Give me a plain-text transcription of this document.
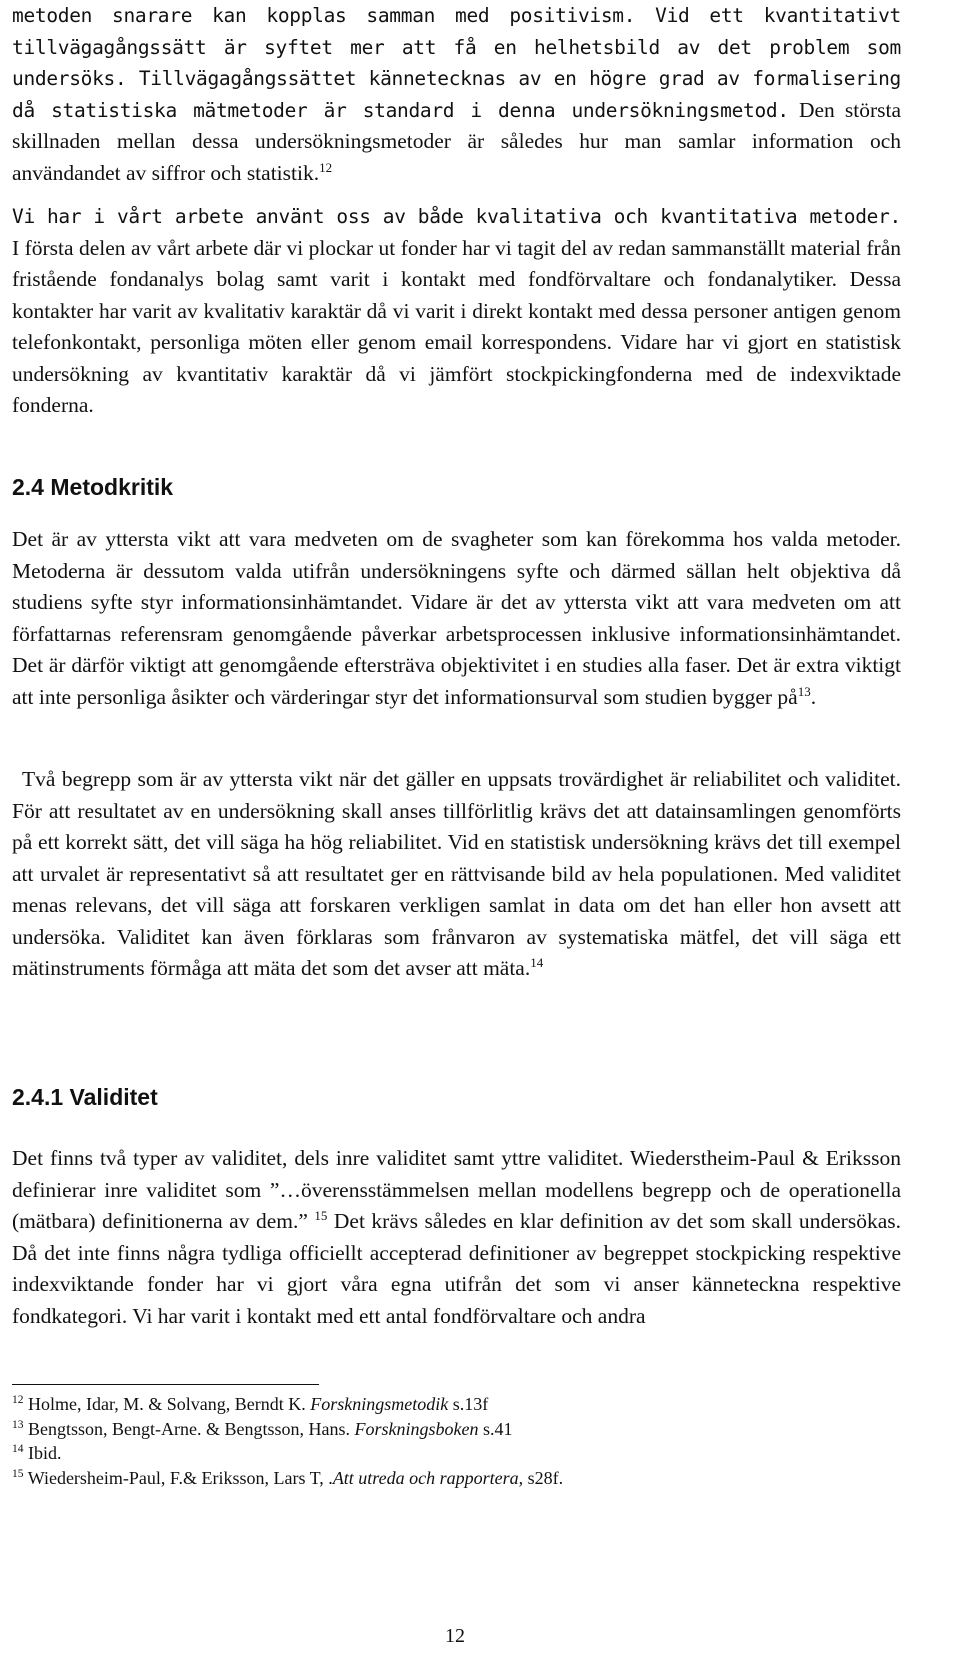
metoden snarare kan kopplas samman med positivism. Vid ett kvantitativt tillvägagångssätt är syftet mer att få en helhetsbild av det problem som undersöks. Tillvägagångssättet kännetecknas av en högre grad av formalisering då statistiska mätmetoder är standard i denna undersökningsmetod. Den största skillnaden mellan dessa undersökningsmetoder är således hur man samlar information och användandet av siffror och statistik.$^{12}$

Vi har i vårt arbete använt oss av både kvalitativa och kvantitativa metoder. I första delen av vårt arbete där vi plockar ut fonder har vi tagit del av redan sammanställt material från fristående fondanalys bolag samt varit i kontakt med fondförvaltare och fondanalytiker. Dessa kontakter har varit av kvalitativ karaktär då vi varit i direkt kontakt med dessa personer antigen genom telefonkontakt, personliga möten eller genom email korrespondens. Vidare har vi gjort en statistisk undersökning av kvantitativ karaktär då vi jämfört stockpickingfonderna med de indexviktade fonderna.

2.4 Metodkritik

Det är av yttersta vikt att vara medveten om de svagheter som kan förekomma hos valda metoder. Metoderna är dessutom valda utifrån undersökningens syfte och därmed sällan helt objektiva då studiens syfte styr informationsinhämtandet. Vidare är det av yttersta vikt att vara medveten om att författarnas referensram genomgående påverkar arbetsprocessen inklusive informationsinhämtandet. Det är därför viktigt att genomgående eftersträva objektivitet i en studies alla faser. Det är extra viktigt att inte personliga åsikter och värderingar styr det informationsurval som studien bygger $på^{13}$.

Två begrepp som är av yttersta vikt när det gäller en uppsats trovärdighet är reliabilitet och validitet. För att resultatet av en undersökning skall anses tillförlitlig krävs det att datainsamlingen genomförts på ett korrekt sätt, det vill säga ha hög reliabilitet. Vid en statistisk undersökning krävs det till exempel att urvalet är representativt så att resultatet ger en rättvisande bild av hela populationen. Med validitet menas relevans, det vill säga att forskaren verkligen samlat in data om det han eller hon avsett att undersöka. Validitet kan även förklaras som frånvaron av systematiska mätfel, det vill säga ett mätinstruments förmåga att mäta det som det avser att mäta.$^{14}$

2.4.1 Validitet

Det finns två typer av validitet, dels inre validitet samt yttre validitet. Wiederstheim-Paul & Eriksson definierar inre validitet som ”…överensstämmelsen mellan modellens begrepp och de operationella (mätbara) definitionerna av dem.” $^{15}$ Det krävs således en klar definition av det som skall undersökas. Då det inte finns några tydliga officiellt accepterad definitioner av begreppet stockpicking respektive indexviktande fonder har vi gjort våra egna utifrån det som vi anser känneteckna respektive fondkategori. Vi har varit i kontakt med ett antal fondförvaltare och andra

$^{12}$ Holme, Idar, M. & Solvang, Berndt K. Forskningsmetodik s.13f

$^{13}$ Bengtsson, Bengt-Arne. & Bengtsson, Hans. Forskningsboken s.41

$^{14}$ Ibid.

$^{15}$ Wiedersheim-Paul, F.& Eriksson, Lars T, .Att utreda och rapportera, s28f.

12
